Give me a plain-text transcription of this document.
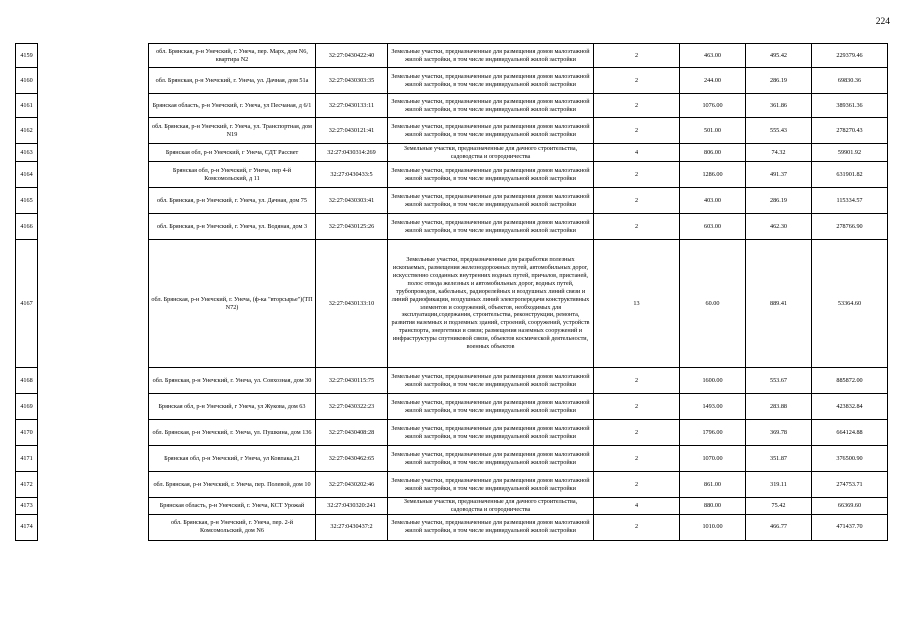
224
4159		обл. Брянская, р-н Унечский, г. Унеча, пер. Марх, дом N6, квартира N2	32:27:0430422:40	Земельные участки, предназначенные для размещения домов малоэтажной жилой застройки, в том числе индивидуальной жилой застройки	2	463.00	495.42	229379.46
4160		обл. Брянская, р-н Унечский, г. Унеча, ул. Дачная, дом 51а	32:27:0430303:35	Земельные участки, предназначенные для размещения домов малоэтажной жилой застройки, в том числе индивидуальной жилой застройки	2	244.00	286.19	69830.36
4161		Брянская область, р-н Унечский, г. Унеча, ул Песчаная, д 6/1	32:27:0430133:11	Земельные участки, предназначенные для размещения домов малоэтажной жилой застройки, в том числе индивидуальной жилой застройки	2	1076.00	361.86	389361.36
4162		обл. Брянская, р-н Унечский, г. Унеча, ул. Транспортная, дом N19	32:27:0430121:41	Земельные участки, предназначенные для размещения домов малоэтажной жилой застройки, в том числе индивидуальной жилой застройки	2	501.00	555.43	278270.43
4163		Брянская обл, р-н Унечский, г Унеча, СДТ Рассвет	32:27:0430314:269	Земельные участки, предназначенные для дачного строительства, садоводства и огородничества	4	806.00	74.32	59901.92
4164		Брянская обл, р-н Унечский, г Унеча, пер 4-й Комсомольский, д 11	32:27:0430433:5	Земельные участки, предназначенные для размещения домов малоэтажной жилой застройки, в том числе индивидуальной жилой застройки	2	1286.00	491.37	631901.82
4165		обл. Брянская, р-н Унечский, г. Унеча, ул. Дачная, дом 75	32:27:0430303:41	Земельные участки, предназначенные для размещения домов малоэтажной жилой застройки, в том числе индивидуальной жилой застройки	2	403.00	286.19	115334.57
4166		обл. Брянская, р-н Унечский, г. Унеча, ул. Водяная, дом 3	32:27:0430125:26	Земельные участки, предназначенные для размещения домов малоэтажной жилой застройки, в том числе индивидуальной жилой застройки	2	603.00	462.30	278766.90
4167		обл. Брянская, р-н Унечский, г. Унеча, (ф-ка "вторсырье")(ТП N72)	32:27:0430133:10	Земельные участки, предназначенные для разработки полезных ископаемых, размещения железнодорожных путей, автомобильных дорог, искусственно созданных внутренних водных путей, причалов, пристаней, полос отвода железных и автомобильных дорог, водных путей, трубопроводов, кабельных, радиорелейных и воздушных линий связи и линий радиофикации, воздушных линий электропередачи конструктивных элементов и сооружений, объектов, необходимых для эксплуатации,содержания, строительства, реконструкции, ремонта, развития наземных и подземных зданий, строений, сооружений, устройств транспорта, энергетики и связи; размещения наземных сооружений и инфраструктуры спутниковой связи, объектов космической деятельности, военных объектов	13	60.00	889.41	53364.60
4168		обл. Брянская, р-н Унечский, г. Унеча, ул. Совхозная, дом 30	32:27:0430115:75	Земельные участки, предназначенные для размещения домов малоэтажной жилой застройки, в том числе индивидуальной жилой застройки	2	1600.00	553.67	885872.00
4169		Брянская обл, р-н Унечский, г Унеча, ул Жукова, дом 63	32:27:0430322:23	Земельные участки, предназначенные для размещения домов малоэтажной жилой застройки, в том числе индивидуальной жилой застройки	2	1493.00	283.88	423832.84
4170		обл. Брянская, р-н Унечский, г. Унеча, ул. Пушкина, дом 136	32:27:0430408:28	Земельные участки, предназначенные для размещения домов малоэтажной жилой застройки, в том числе индивидуальной жилой застройки	2	1796.00	369.78	664124.88
4171		Брянская обл, р-н Унечский, г Унеча, ул Ковпака,21	32:27:0430462:65	Земельные участки, предназначенные для размещения домов малоэтажной жилой застройки, в том числе индивидуальной жилой застройки	2	1070.00	351.87	376500.90
4172		обл. Брянская, р-н Унечский, г. Унеча, пер. Полевой, дом 10	32:27:0430202:46	Земельные участки, предназначенные для размещения домов малоэтажной жилой застройки, в том числе индивидуальной жилой застройки	2	861.00	319.11	274753.71
4173		Брянская область, р-н Унечский, г. Унеча, КСТ Урожай	32:27:0430320:241	Земельные участки, предназначенные для дачного строительства, садоводства и огородничества	4	880.00	75.42	66369.60
4174		обл. Брянская, р-н Унечский, г. Унеча, пер. 2-й Комсомольский, дом N6	32:27:0430437:2	Земельные участки, предназначенные для размещения домов малоэтажной жилой застройки, в том числе индивидуальной жилой застройки	2	1010.00	466.77	471437.70
